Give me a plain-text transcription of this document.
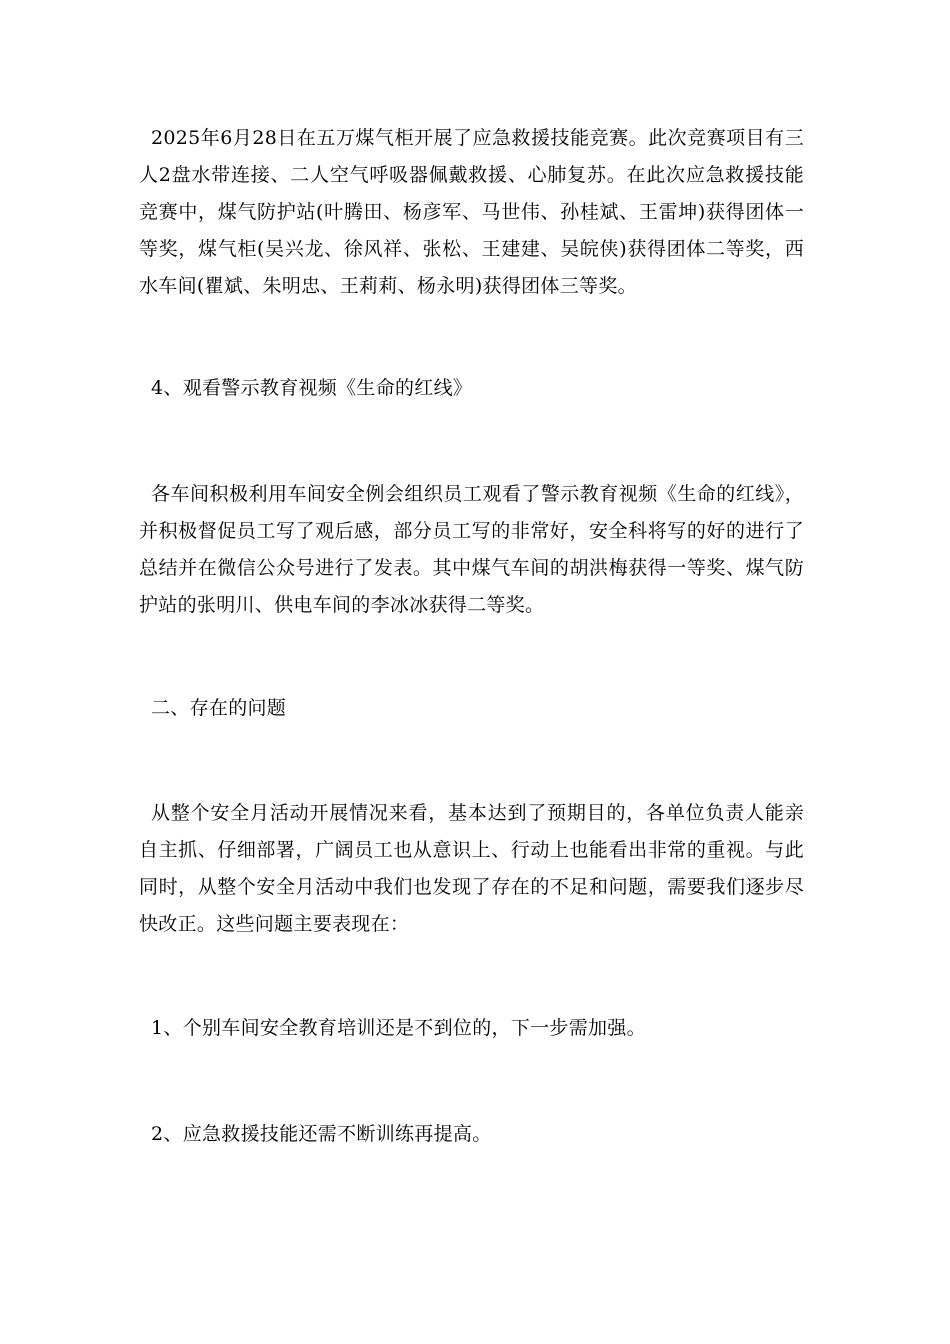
2025年6月28日在五万煤气柜开展了应急救援技能竞赛。此次竞赛项目有三人2盘水带连接、二人空气呼吸器佩戴救援、心肺复苏。在此次应急救援技能竞赛中，煤气防护站(叶腾田、杨彦军、马世伟、孙桂斌、王雷坤)获得团体一等奖，煤气柜(吴兴龙、徐风祥、张松、王建建、吴皖侠)获得团体二等奖，西水车间(瞿斌、朱明忠、王莉莉、杨永明)获得团体三等奖。

4、观看警示教育视频《生命的红线》

各车间积极利用车间安全例会组织员工观看了警示教育视频《生命的红线》，并积极督促员工写了观后感，部分员工写的非常好，安全科将写的好的进行了总结并在微信公众号进行了发表。其中煤气车间的胡洪梅获得一等奖、煤气防护站的张明川、供电车间的李冰冰获得二等奖。

二、存在的问题

从整个安全月活动开展情况来看，基本达到了预期目的，各单位负责人能亲自主抓、仔细部署，广阔员工也从意识上、行动上也能看出非常的重视。与此同时，从整个安全月活动中我们也发现了存在的不足和问题，需要我们逐步尽快改正。这些问题主要表现在：

1、个别车间安全教育培训还是不到位的，下一步需加强。

2、应急救援技能还需不断训练再提高。
